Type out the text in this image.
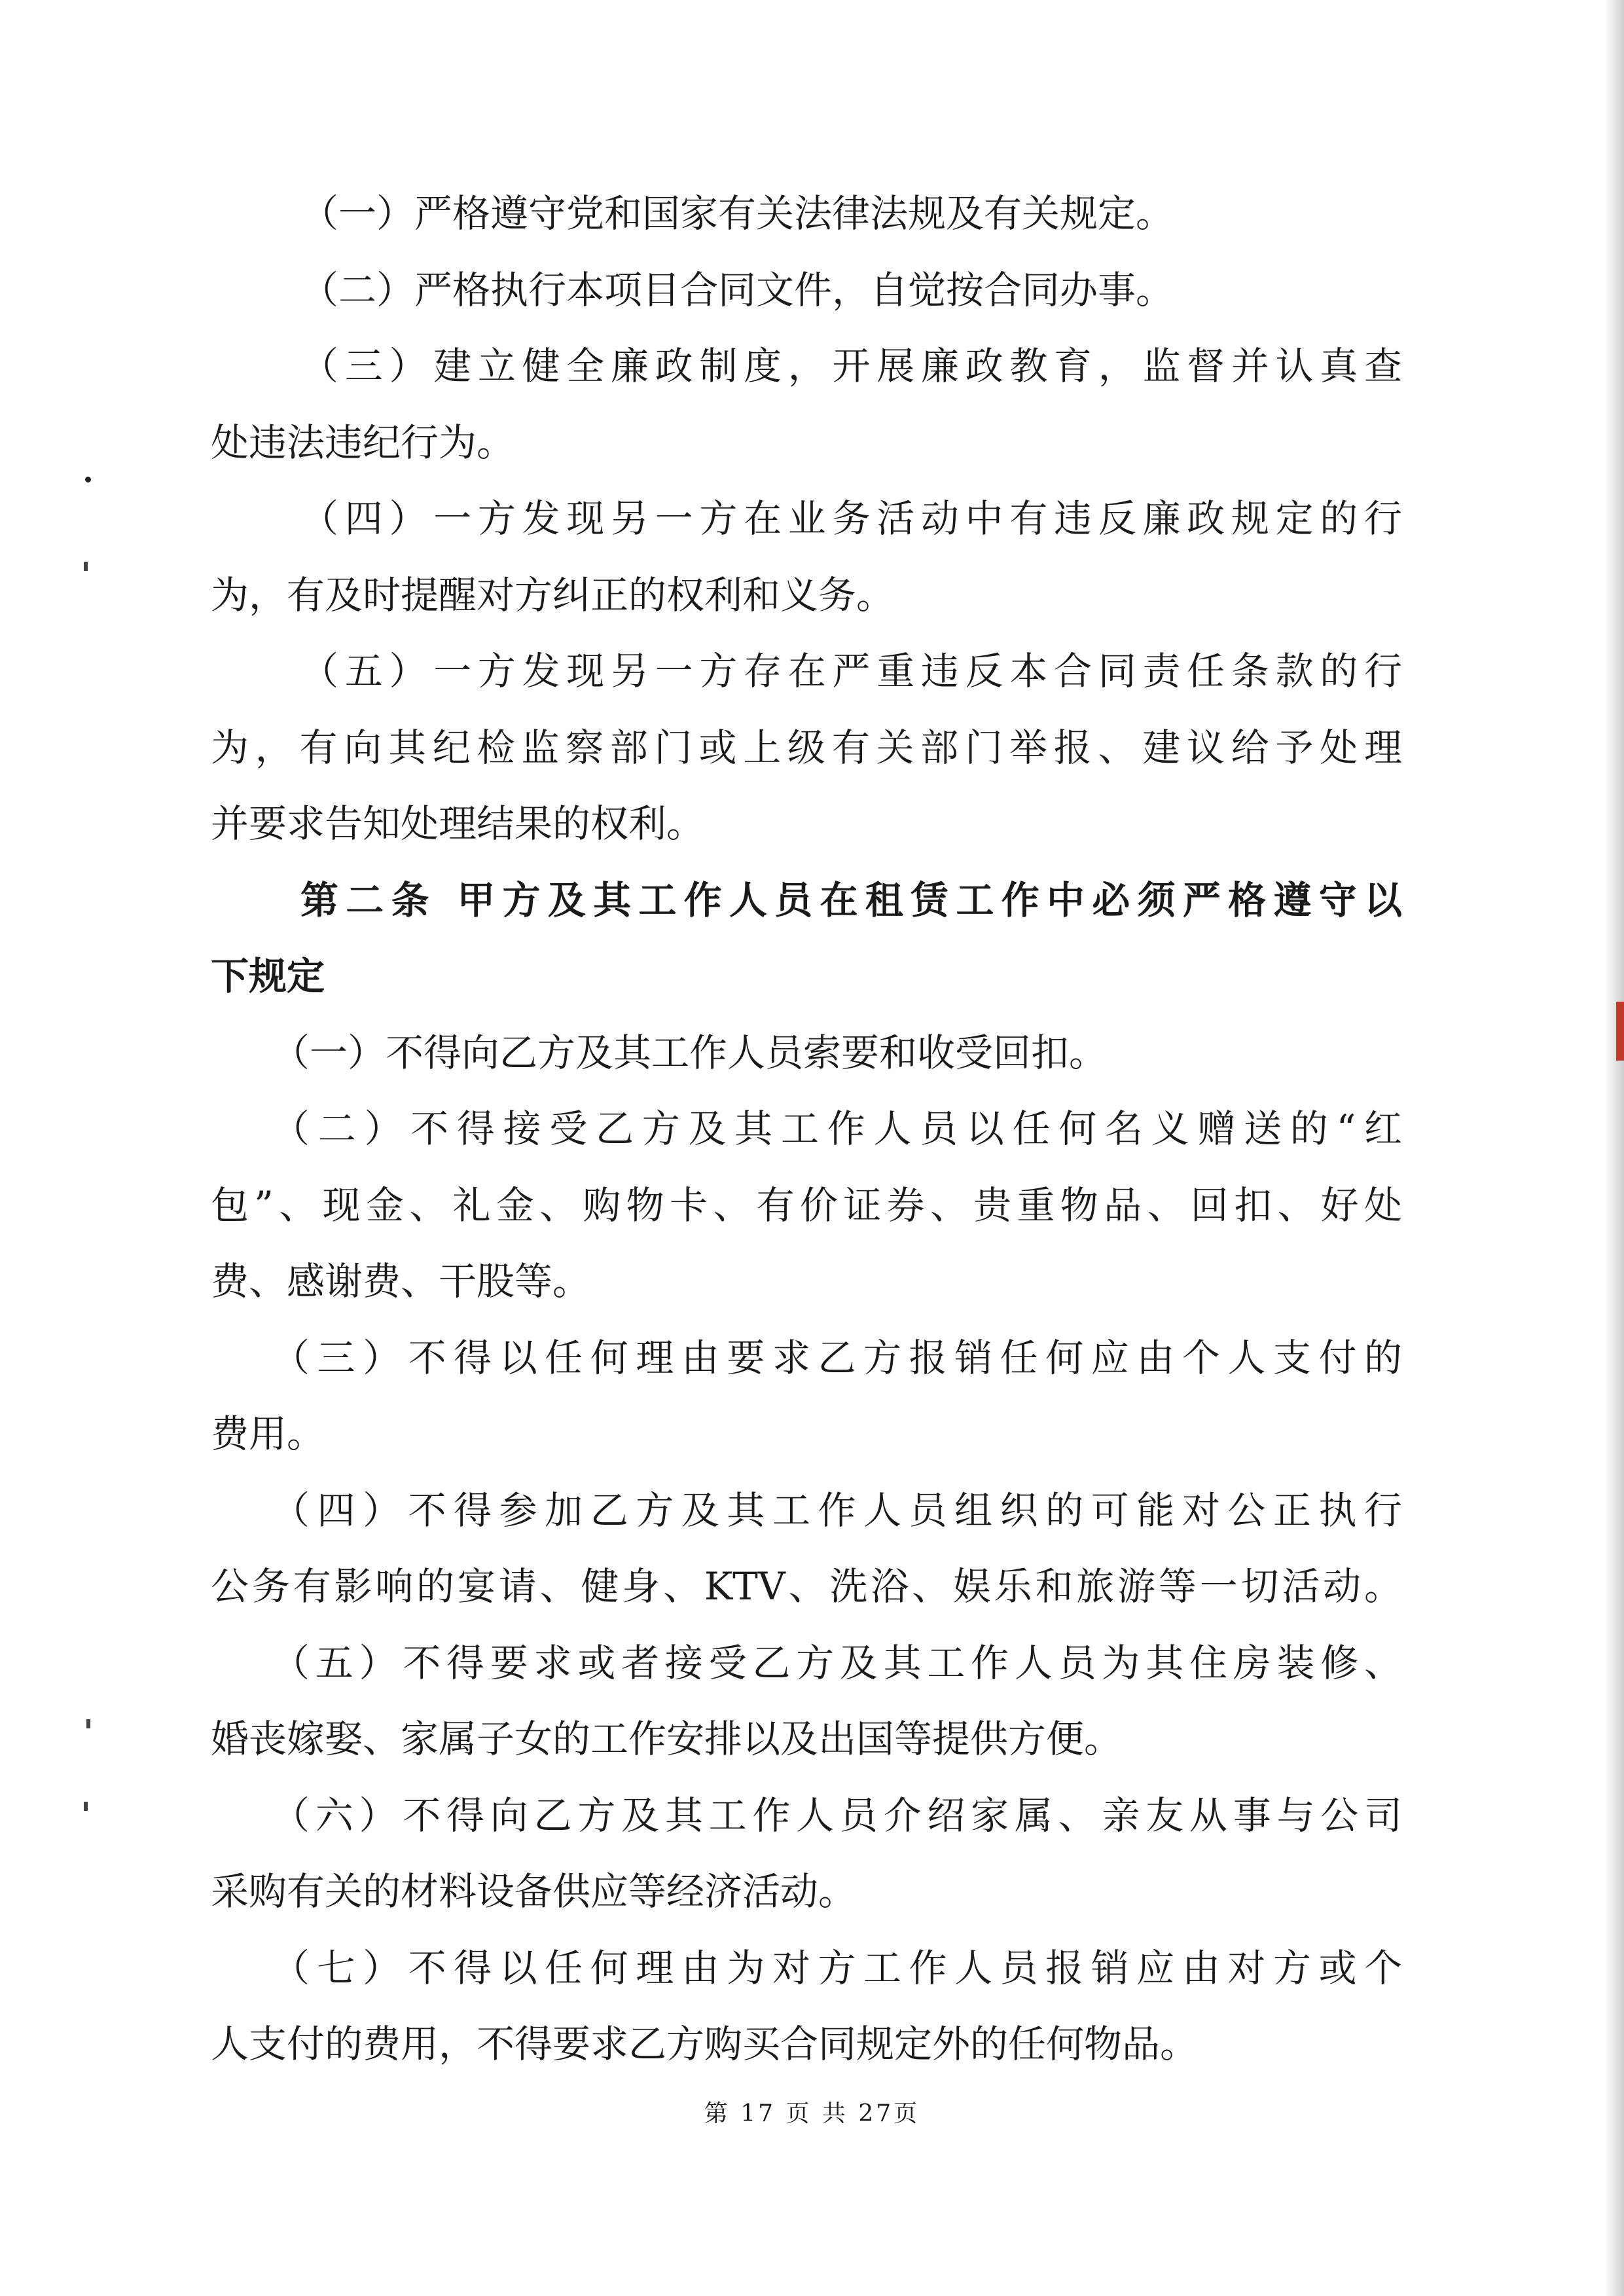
（一）严格遵守党和国家有关法律法规及有关规定。
（二）严格执行本项目合同文件，自觉按合同办事。
（三）建立健全廉政制度，开展廉政教育，监督并认真查
处违法违纪行为。
（四）一方发现另一方在业务活动中有违反廉政规定的行
为，有及时提醒对方纠正的权利和义务。
（五）一方发现另一方存在严重违反本合同责任条款的行
为，有向其纪检监察部门或上级有关部门举报、建议给予处理
并要求告知处理结果的权利。
第二条 甲方及其工作人员在租赁工作中必须严格遵守以
下规定
（一）不得向乙方及其工作人员索要和收受回扣。
（二）不得接受乙方及其工作人员以任何名义赠送的“红
包”、现金、礼金、购物卡、有价证券、贵重物品、回扣、好处
费、感谢费、干股等。
（三）不得以任何理由要求乙方报销任何应由个人支付的
费用。
（四）不得参加乙方及其工作人员组织的可能对公正执行
公务有影响的宴请、健身、KTV、洗浴、娱乐和旅游等一切活动。
（五）不得要求或者接受乙方及其工作人员为其住房装修、
婚丧嫁娶、家属子女的工作安排以及出国等提供方便。
（六）不得向乙方及其工作人员介绍家属、亲友从事与公司
采购有关的材料设备供应等经济活动。
（七）不得以任何理由为对方工作人员报销应由对方或个
人支付的费用，不得要求乙方购买合同规定外的任何物品。
第 17 页 共 27页
